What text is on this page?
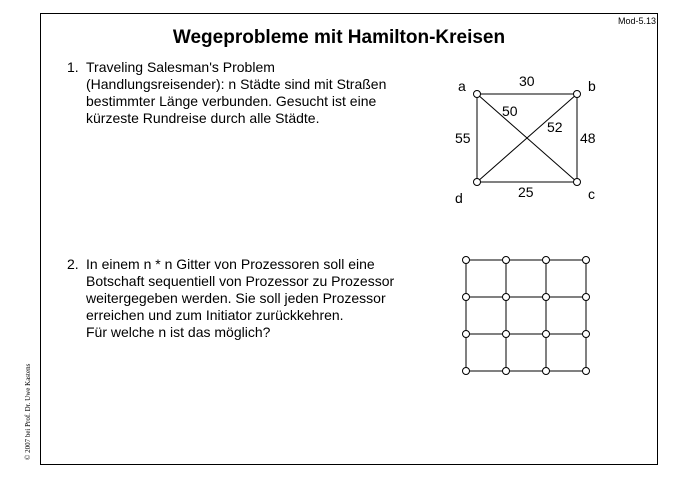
Mod-5.13
Wegeprobleme mit Hamilton-Kreisen
1. Traveling Salesman's Problem
(Handlungsreisender): n Städte sind mit Straßen
bestimmter Länge verbunden. Gesucht ist eine
kürzeste Rundreise durch alle Städte.
2. In einem n * n Gitter von Prozessoren soll eine
Botschaft sequentiell von Prozessor zu Prozessor
weitergegeben werden. Sie soll jeden Prozessor
erreichen und zum Initiator zurückkehren.
Für welche n ist das möglich?
a	b
c
d
30
50
52
55	48
25
© 2007 bei Prof. Dr. Uwe Kastens
